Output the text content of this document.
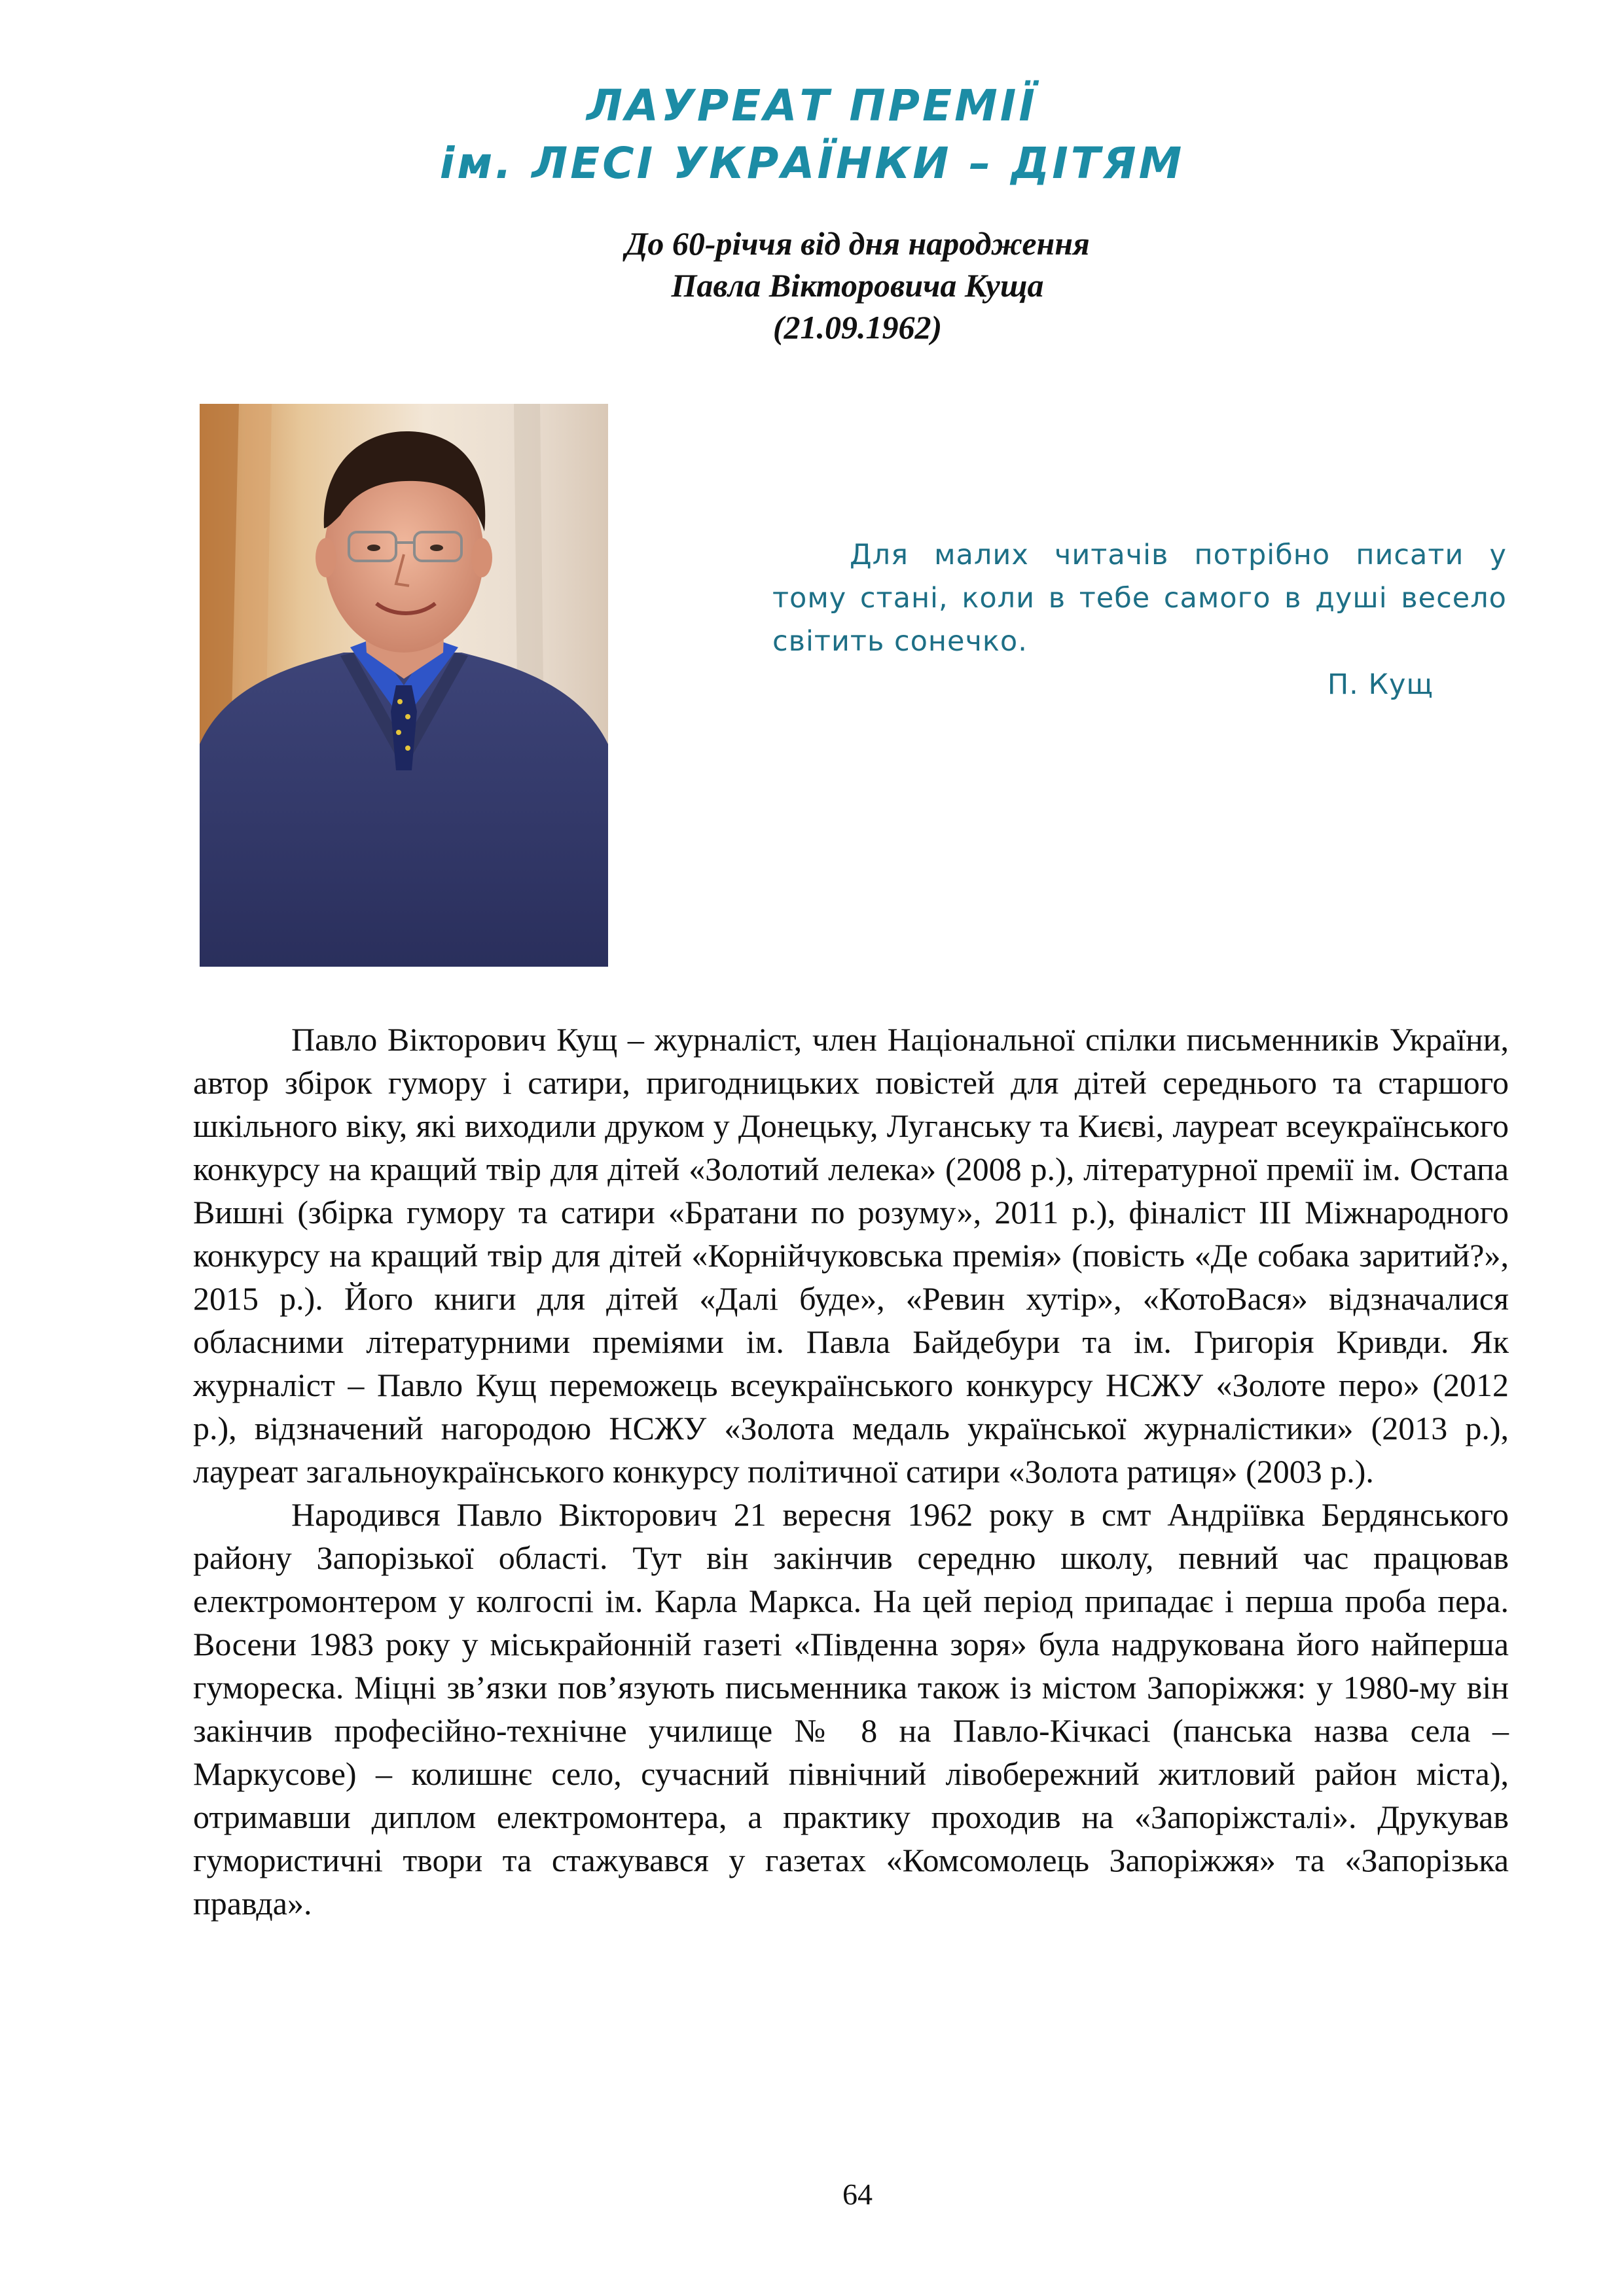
ЛАУРЕАТ ПРЕМІЇ
ім. ЛЕСІ УКРАЇНКИ – ДІТЯМ
До 60-річчя від дня народження
Павла Вікторовича Куща
(21.09.1962)
Для малих читачів потрібно писати у тому стані, коли в тебе самого в душі весело світить сонечко.
П. Кущ

Павло Вікторович Кущ – журналіст, член Національної спілки письменників України, автор збірок гумору і сатири, пригодницьких повістей для дітей середнього та старшого шкільного віку, які виходили друком у Донецьку, Луганську та Києві, лауреат всеукраїнського конкурсу на кращий твір для дітей «Золотий лелека» (2008 р.), літературної премії ім. Остапа Вишні (збірка гумору та сатири «Братани по розуму», 2011 р.), фіналіст III Міжнародного конкурсу на кращий твір для дітей «Корнійчуковська премія» (повість «Де собака заритий?», 2015 р.). Його книги для дітей «Далі буде», «Ревин хутір», «КотоВася» відзначалися обласними літературними преміями ім. Павла Байдебури та ім. Григорія Кривди. Як журналіст – Павло Кущ переможець всеукраїнського конкурсу НСЖУ «Золоте перо» (2012 р.), відзначений нагородою НСЖУ «Золота медаль української журналістики» (2013 р.), лауреат загальноукраїнського конкурсу політичної сатири «Золота ратиця» (2003 р.).

Народився Павло Вікторович 21 вересня 1962 року в смт Андріївка Бердянського району Запорізької області. Тут він закінчив середню школу, певний час працював електромонтером у колгоспі ім. Карла Маркса. На цей період припадає і перша проба пера. Восени 1983 року у міськрайонній газеті «Південна зоря» була надрукована його найперша гумореска. Міцні зв’язки пов’язують письменника також із містом Запоріжжя: у 1980-му він закінчив професійно-технічне училище № 8 на Павло-Кічкасі (панська назва села – Маркусове) – колишнє село, сучасний північний лівобережний житловий район міста), отримавши диплом електромонтера, а практику проходив на «Запоріжсталі». Друкував гумористичні твори та стажувався у газетах «Комсомолець Запоріжжя» та «Запорізька правда».

64
